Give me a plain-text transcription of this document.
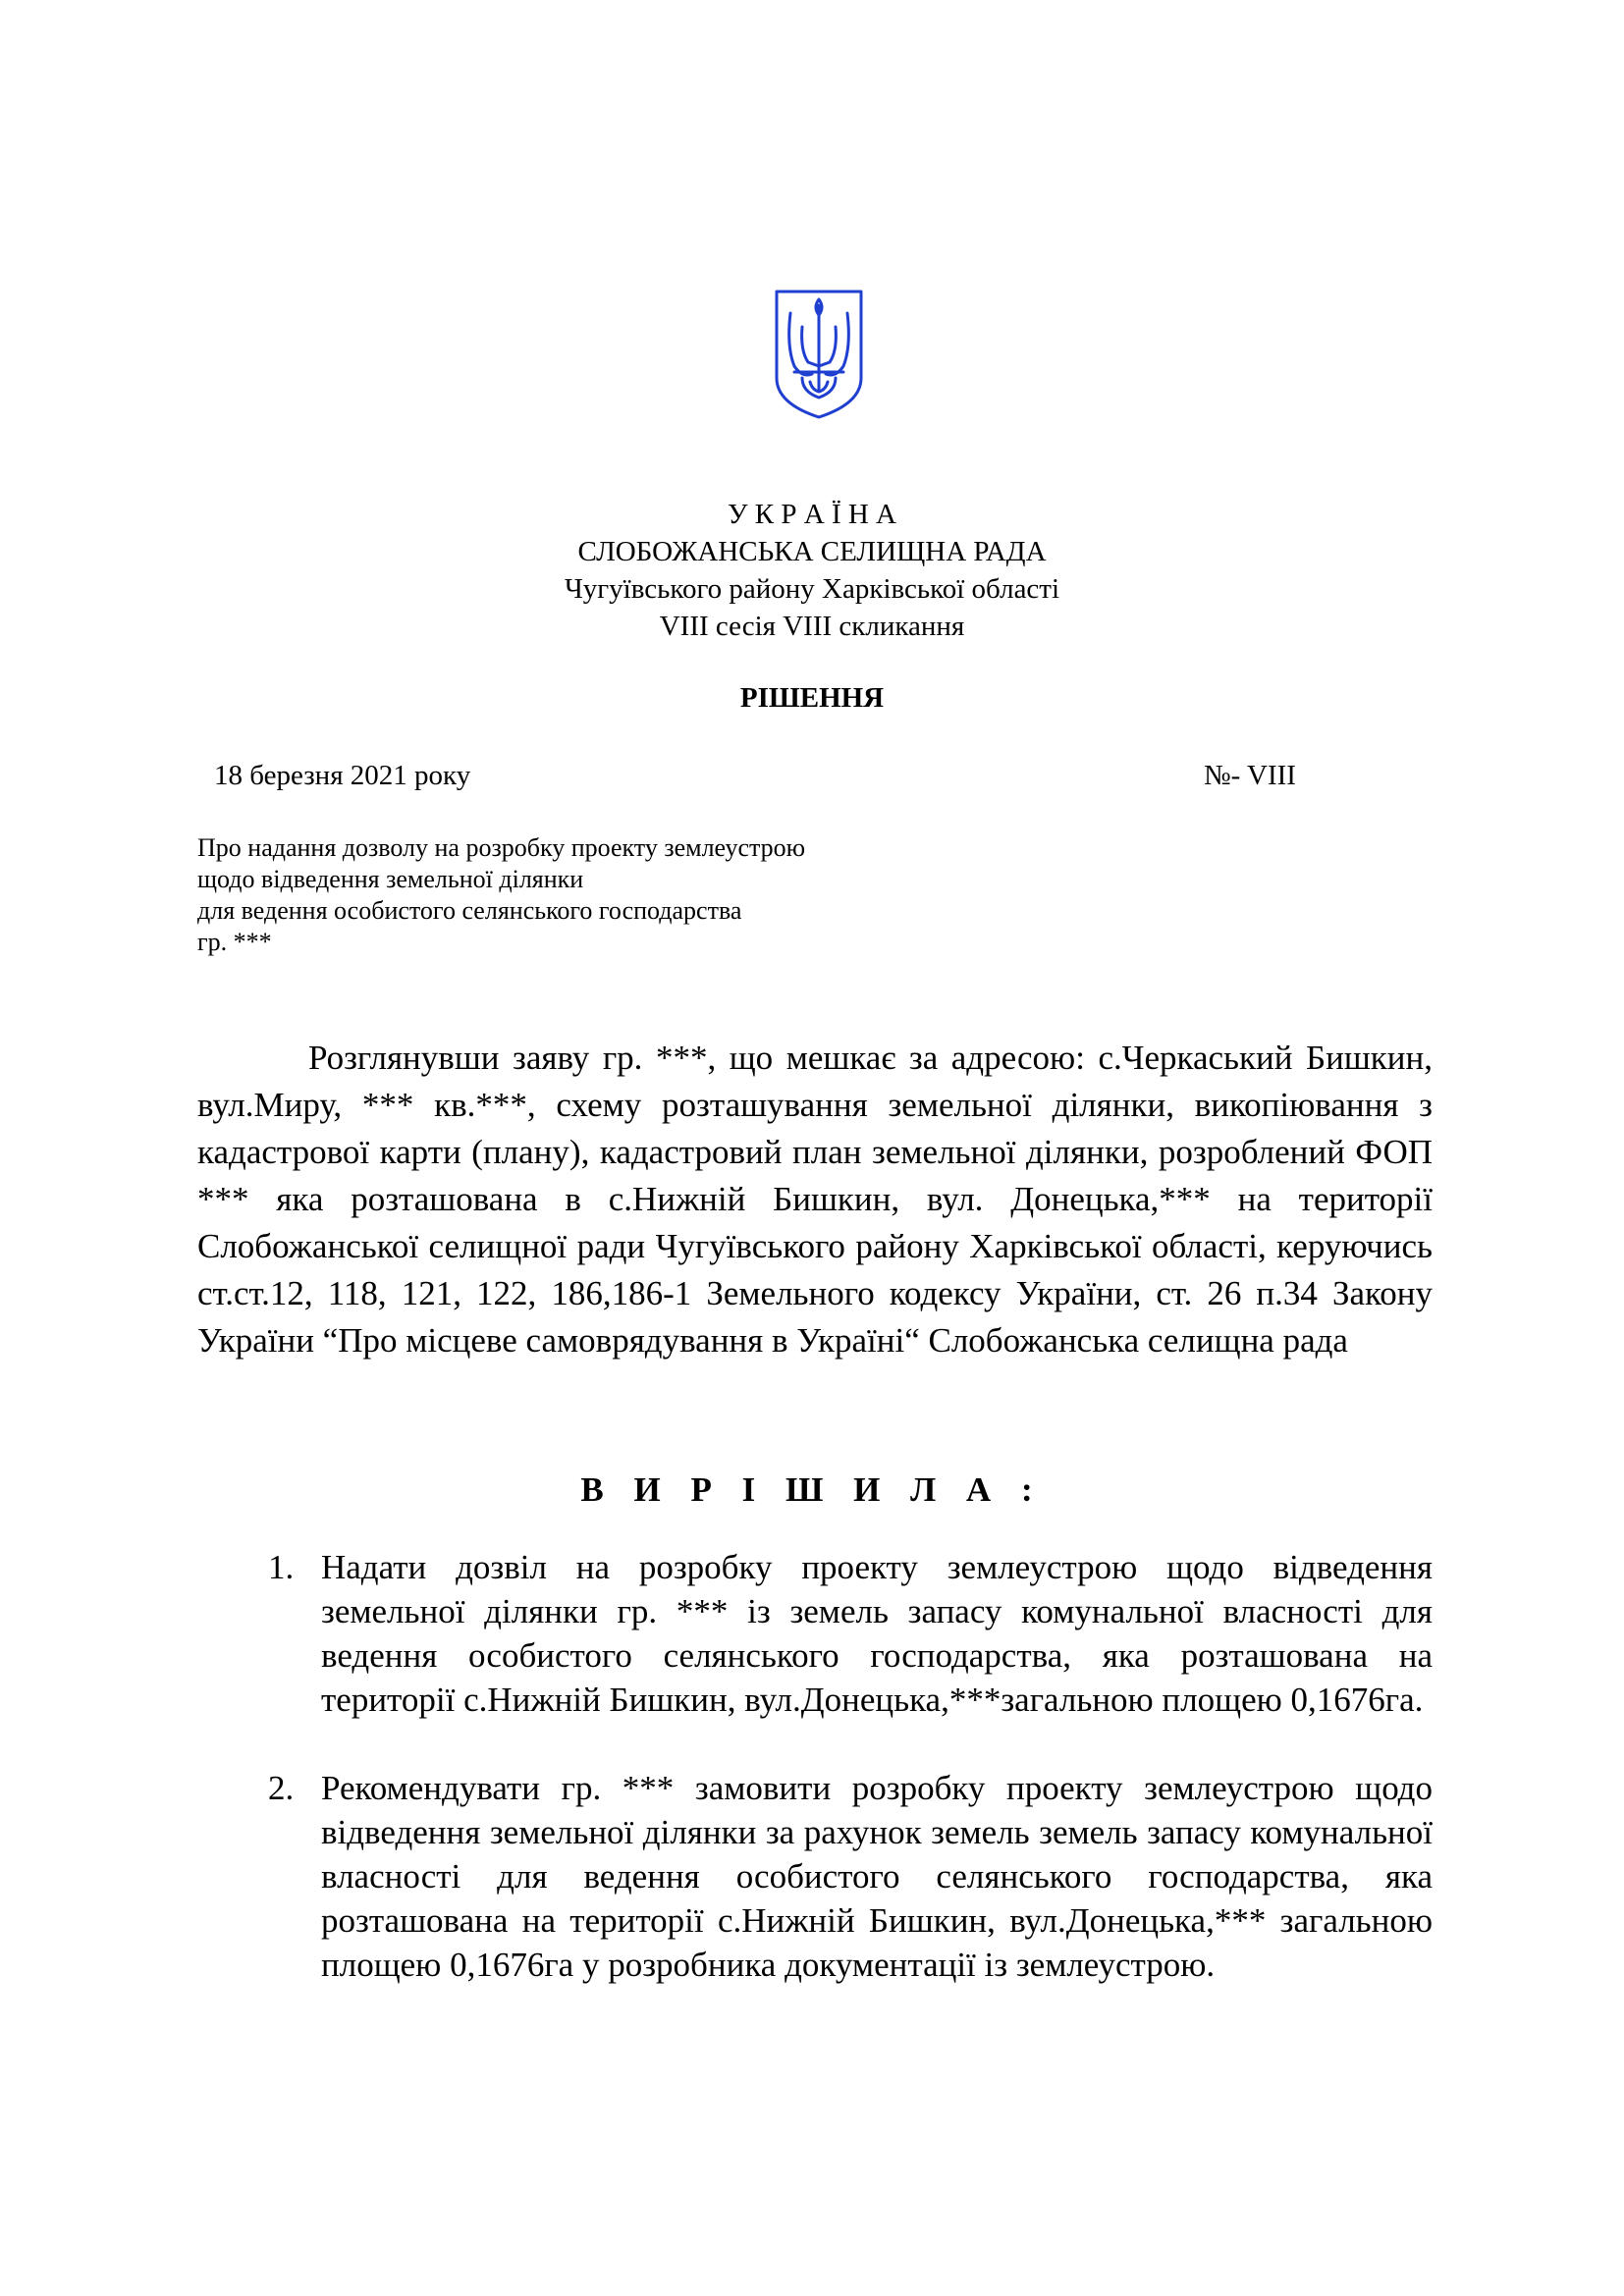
У К Р А Ї Н А
СЛОБОЖАНСЬКА СЕЛИЩНА РАДА
Чугуївського району Харківської області
VIII сесія VIII скликання
РІШЕННЯ
18 березня 2021 року	№- VIII
Про надання дозволу на розробку проекту землеустрою
щодо відведення земельної ділянки
для ведення особистого селянського господарства
гр. ***
Розглянувши заяву гр. ***, що мешкає за адресою: с.Черкаський Бишкин, вул.Миру, *** кв.***, схему розташування земельної ділянки, викопіювання з кадастрової карти (плану), кадастровий план земельної ділянки, розроблений ФОП *** яка розташована в с.Нижній Бишкин, вул. Донецька,*** на території Слобожанської селищної ради Чугуївського району Харківської області, керуючись ст.ст.12, 118, 121, 122, 186,186-1 Земельного кодексу України, ст. 26 п.34 Закону України “Про місцеве самоврядування в Україні“ Слобожанська селищна рада
В И Р І Ш И Л А :
1. Надати дозвіл на розробку проекту землеустрою щодо відведення земельної ділянки гр. *** із земель запасу комунальної власності для ведення особистого селянського господарства, яка розташована на території с.Нижній Бишкин, вул.Донецька,***загальною площею 0,1676га.
2. Рекомендувати гр. *** замовити розробку проекту землеустрою щодо відведення земельної ділянки за рахунок земель земель запасу комунальної власності для ведення особистого селянського господарства, яка розташована на території с.Нижній Бишкин, вул.Донецька,*** загальною площею 0,1676га у розробника документації із землеустрою.
